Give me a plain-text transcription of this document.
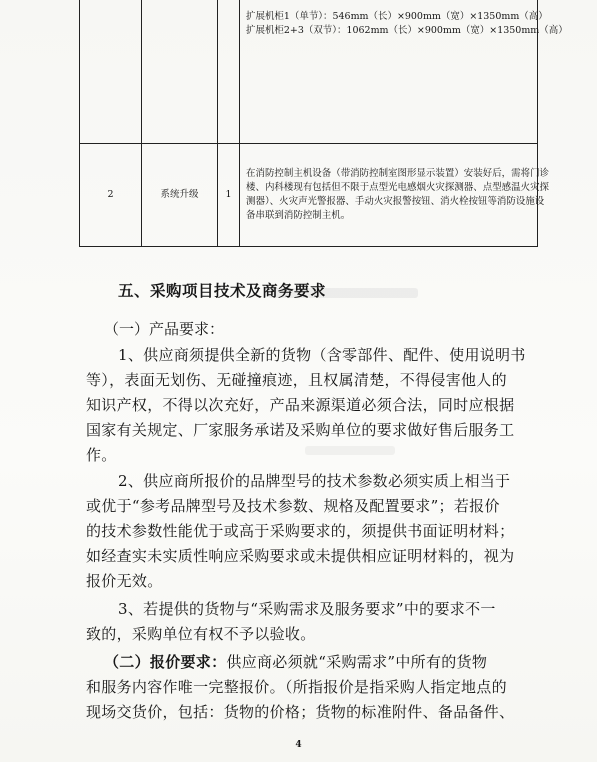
			扩展机柜1（单节）：546mm（长）×900mm（宽）×1350mm（高）
扩展机柜2+3（双节）：1062mm（长）×900mm（宽）×1350mm（高）

2	系统升级	1	在消防控制主机设备（带消防控制室图形显示装置）安装好后，需将门诊
楼、内科楼现有包括但不限于点型光电感烟火灾探测器、点型感温火灾探
测器）、火灾声光警报器、手动火灾报警按钮、消火栓按钮等消防设施设
备串联到消防控制主机。
五、采购项目技术及商务要求
（一）产品要求：
1、供应商须提供全新的货物（含零部件、配件、使用说明书
等），表面无划伤、无碰撞痕迹，且权属清楚，不得侵害他人的
知识产权，不得以次充好，产品来源渠道必须合法，同时应根据
国家有关规定、厂家服务承诺及采购单位的要求做好售后服务工
作。
2、供应商所报价的品牌型号的技术参数必须实质上相当于
或优于“参考品牌型号及技术参数、规格及配置要求”；若报价
的技术参数性能优于或高于采购要求的，须提供书面证明材料；
如经查实未实质性响应采购要求或未提供相应证明材料的，视为
报价无效。
3、若提供的货物与“采购需求及服务要求”中的要求不一
致的，采购单位有权不予以验收。
（二）报价要求：供应商必须就“采购需求”中所有的货物
和服务内容作唯一完整报价。（所指报价是指采购人指定地点的
现场交货价，包括：货物的价格；货物的标准附件、备品备件、
4
